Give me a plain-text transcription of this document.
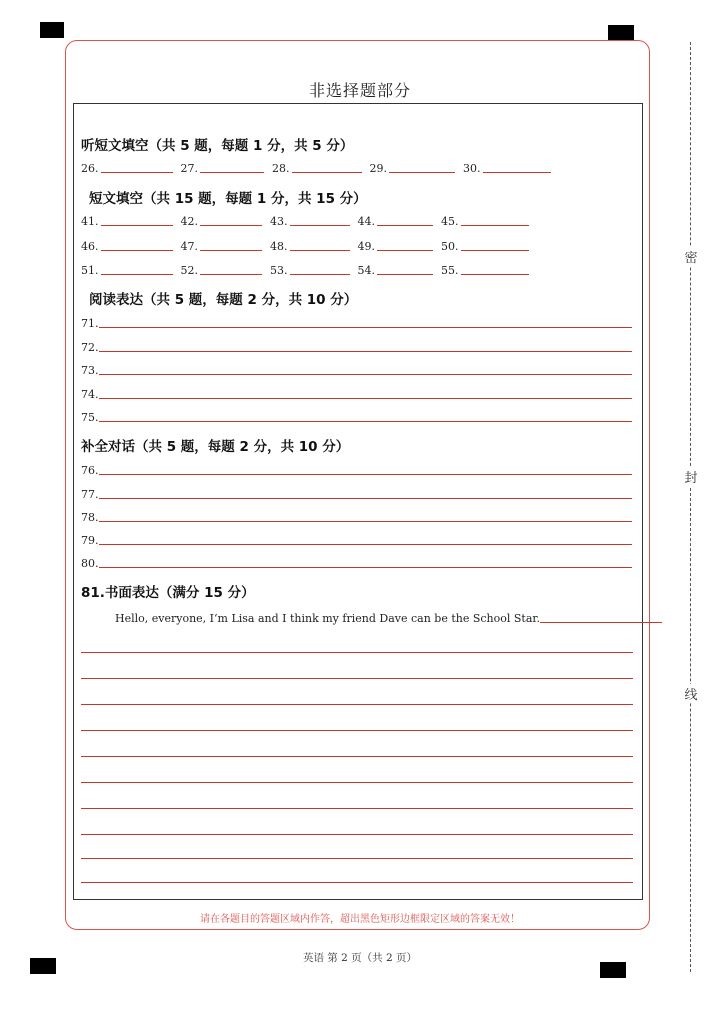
非选择题部分
听短文填空（共 5 题，每题 1 分，共 5 分）
26.	27.	28.	29.	30.
短文填空（共 15 题，每题 1 分，共 15 分）
41.	42.	43.	44.	45.
46.	47.	48.	49.	50.
51.	52.	53.	54.	55.
阅读表达（共 5 题，每题 2 分，共 10 分）
71.
72.
73.
74.
75.
补全对话（共 5 题，每题 2 分，共 10 分）
76.
77.
78.
79.
80.
81.书面表达（满分 15 分）
Hello, everyone, I‘m Lisa and I think my friend Dave can be the School Star.
请在各题目的答题区域内作答，超出黑色矩形边框限定区域的答案无效！
英语 第 2 页（共 2 页）
密
封
线
